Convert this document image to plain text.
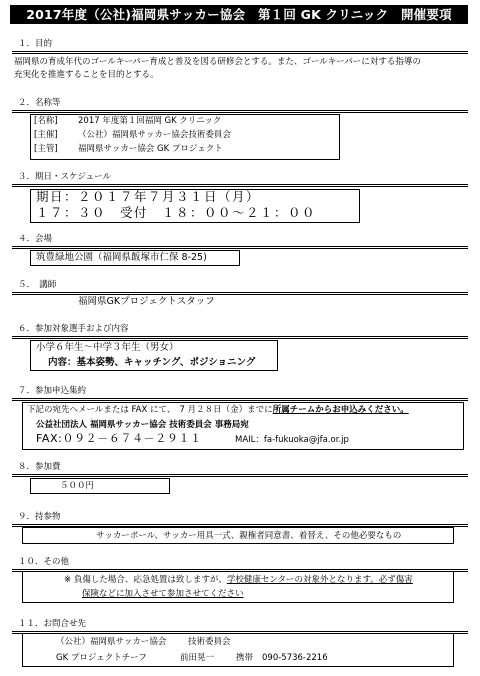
2017年度（公社)福岡県サッカー協会　第１回 GK クリニック　開催要項
１．目的
福岡県の育成年代のゴールキーパー育成と普及を図る研修会とする。また、ゴールキーパーに対する指導の
充実化を推進することを目的とする。
２．名称等
[名称] 2017 年度第１回福岡 GK クリニック
[主催] （公社）福岡県サッカー協会技術委員会
[主管] 福岡県サッカー協会 GK プロジェクト
３．期日・スケジュール
期日：２０１７年７月３１日（月）
１７：３０　受付　１８：００～２１：００
４．会場
筑豊緑地公園（福岡県飯塚市仁保 8-25)
５．　講師
福岡県GKプロジェクトスタッフ
６．参加対象選手および内容
小学６年生～中学３年生（男女）
内容：基本姿勢、キャッチング、ポジショニング
７．参加申込集約
下記の宛先へメールまたは FAX にて、　7 月２８日（金）までに所属チームからお申込みください。
公益社団法人 福岡県サッカー協会 技術委員会 事務局宛
FAX:０９２－６７４－２９１１	MAIL：fa-fukuoka@jfa.or.jp
８．参加費
５００円
９．持参物
サッカーボール、サッカー用具一式、親権者同意書、着替え、その他必要なもの
１０．その他
※ 負傷した場合、応急処置は致しますが、学校健康センターの対象外となります。必ず傷害
保険などに加入させて参加させてください
１１．お問合せ先
（公社）福岡県サッカー協会	技術委員会
GK プロジェクトチーフ	前田晃一	携帯 090-5736-2216
